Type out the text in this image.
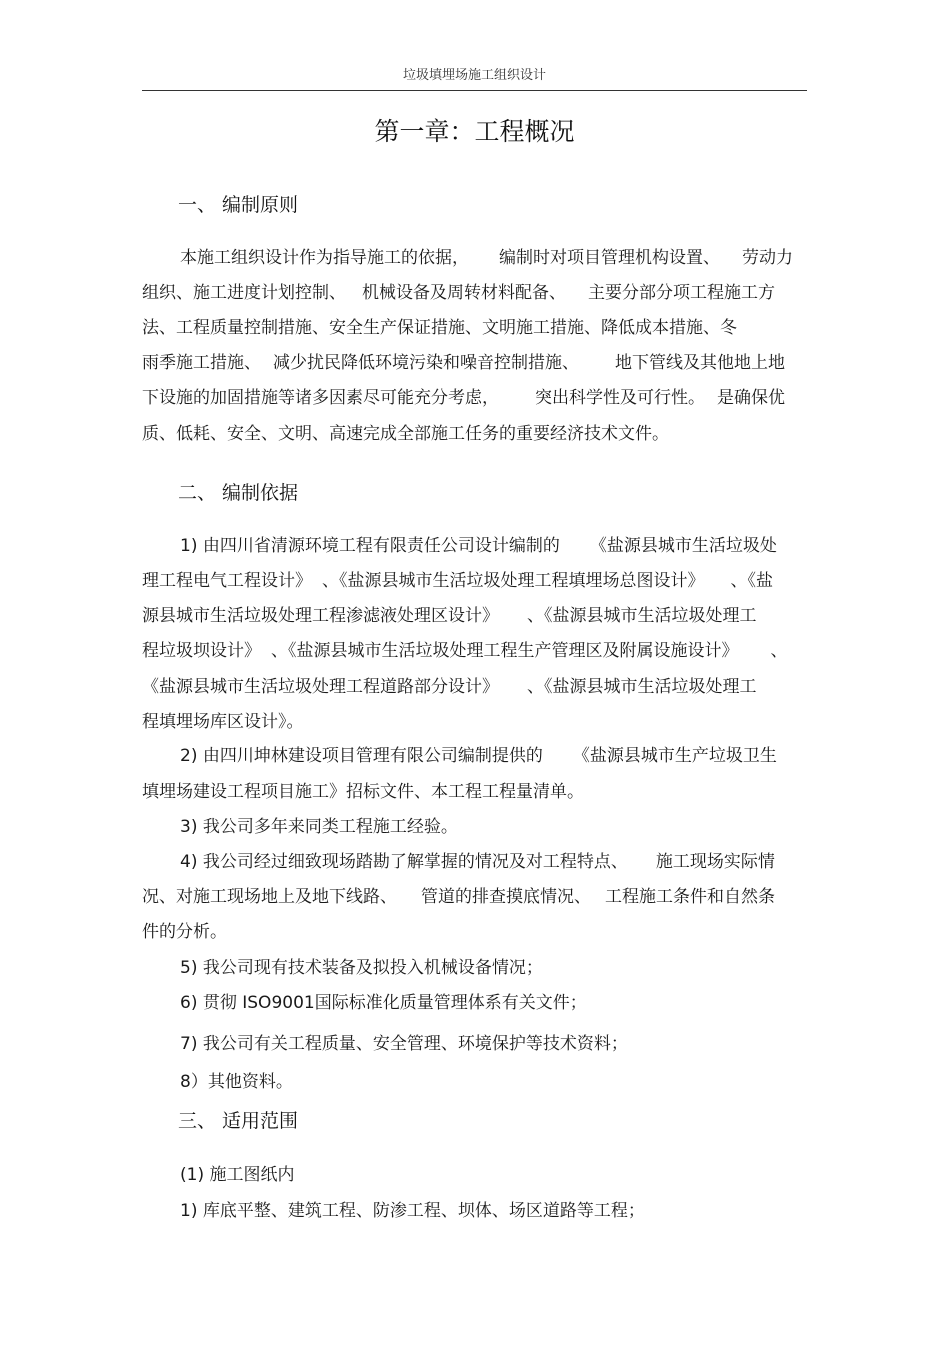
垃圾填埋场施工组织设计
第一章：工程概况
一、 编制原则
本施工组织设计作为指导施工的依据， 编制时对项目管理机构设置、 劳动力
组织、施工进度计划控制、 机械设备及周转材料配备、 主要分部分项工程施工方
法、工程质量控制措施、安全生产保证措施、文明施工措施、降低成本措施、冬
雨季施工措施、 减少扰民降低环境污染和噪音控制措施、 地下管线及其他地上地
下设施的加固措施等诸多因素尽可能充分考虑， 突出科学性及可行性。 是确保优
质、低耗、安全、文明、高速完成全部施工任务的重要经济技术文件。
二、 编制依据
1) 由四川省清源环境工程有限责任公司设计编制的 《盐源县城市生活垃圾处
理工程电气工程设计》 、《盐源县城市生活垃圾处理工程填埋场总图设计》 、《盐
源县城市生活垃圾处理工程渗滤液处理区设计》 、《盐源县城市生活垃圾处理工
程垃圾坝设计》 、《盐源县城市生活垃圾处理工程生产管理区及附属设施设计》 、
《盐源县城市生活垃圾处理工程道路部分设计》 、《盐源县城市生活垃圾处理工
程填埋场库区设计》。
2) 由四川坤林建设项目管理有限公司编制提供的 《盐源县城市生产垃圾卫生
填埋场建设工程项目施工》招标文件、本工程工程量清单。
3) 我公司多年来同类工程施工经验。
4) 我公司经过细致现场踏勘了解掌握的情况及对工程特点、 施工现场实际情
况、对施工现场地上及地下线路、 管道的排查摸底情况、 工程施工条件和自然条
件的分析。
5) 我公司现有技术装备及拟投入机械设备情况；
6) 贯彻 ISO9001国际标准化质量管理体系有关文件；
7) 我公司有关工程质量、安全管理、环境保护等技术资料；
8）其他资料。
三、 适用范围
(1) 施工图纸内
1) 库底平整、建筑工程、防渗工程、坝体、场区道路等工程；
